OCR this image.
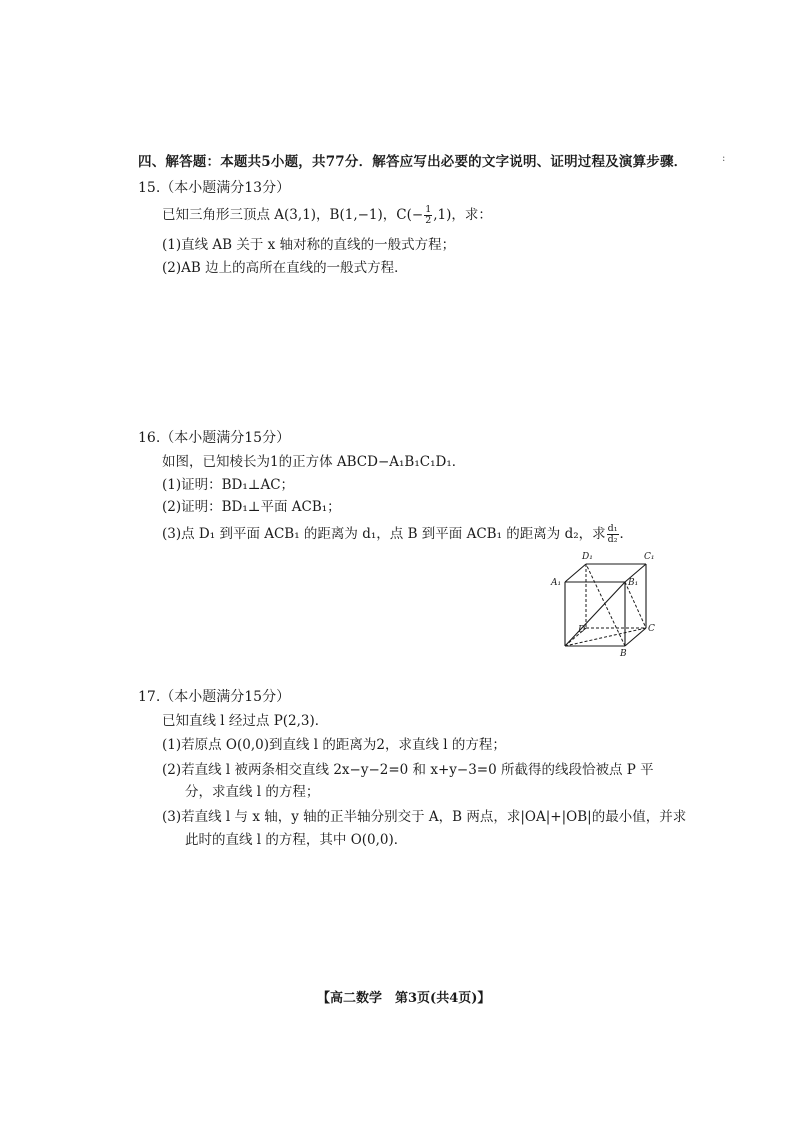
四、解答题：本题共5小题，共77分．解答应写出必要的文字说明、证明过程及演算步骤．	:
15.（本小题满分13分）
已知三角形三顶点 A(3,1)，B(1,−1)，$C(- \frac{1}{2} ,1)$，求：
(1)直线 AB 关于 x 轴对称的直线的一般式方程；
(2)AB 边上的高所在直线的一般式方程．
16.（本小题满分15分）
如图，已知棱长为1的正方体 ABCD−A₁B₁C₁D₁．
(1)证明：BD₁⊥AC；
(2)证明：BD₁⊥平面 ACB₁；
(3)点 D₁ 到平面 ACB₁ 的距离为 d₁，点 B 到平面 ACB₁ 的距离为 d₂，求 $\frac{\text{d₁}}{\text{d₂}}$ ．
D₁	C₁
A₁	B₁
D	C
B
17.（本小题满分15分）
已知直线 l 经过点 P(2,3)．
(1)若原点 O(0,0)到直线 l 的距离为2，求直线 l 的方程；
(2)若直线 l 被两条相交直线 2x−y−2=0 和 x+y−3=0 所截得的线段恰被点 P 平
分，求直线 l 的方程；
(3)若直线 l 与 x 轴，y 轴的正半轴分别交于 A，B 两点，求|OA|+|OB|的最小值，并求
此时的直线 l 的方程，其中 O(0,0)．
【高二数学　第3页(共4页)】
